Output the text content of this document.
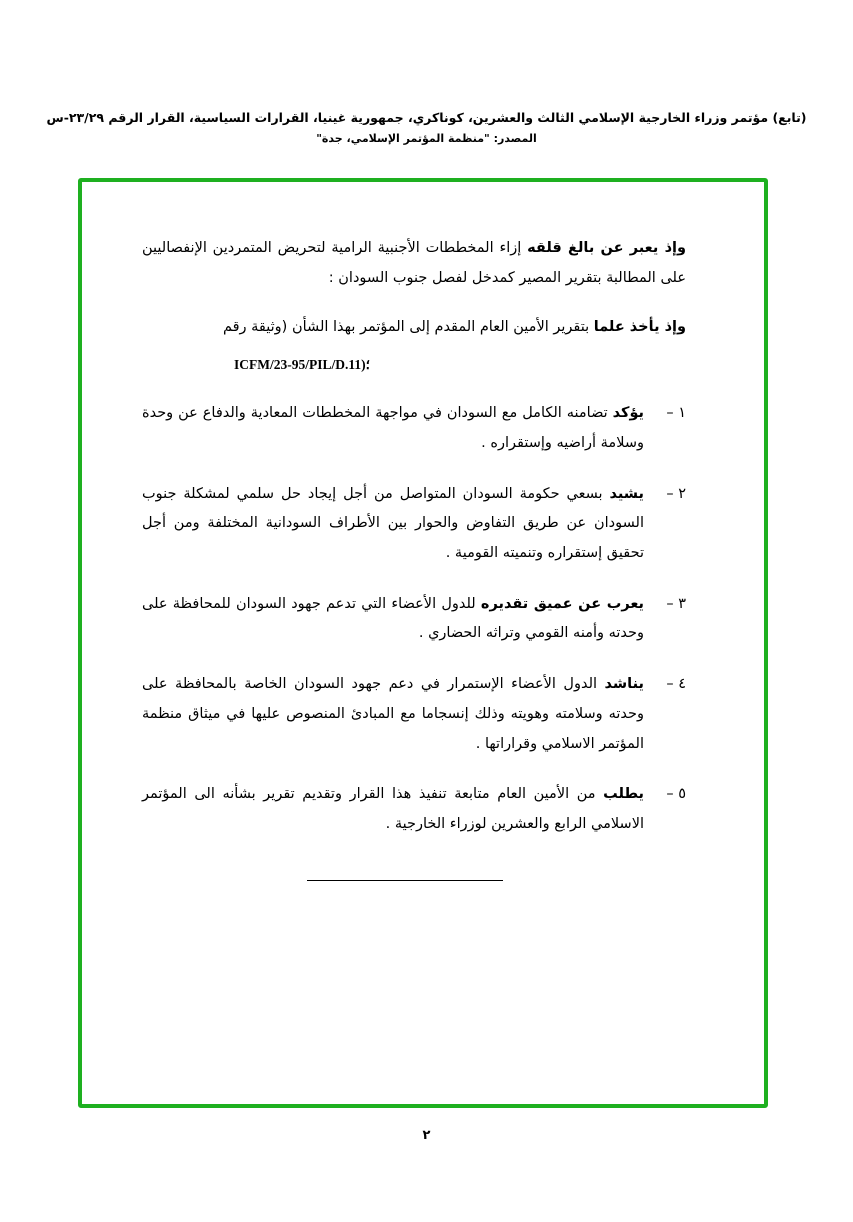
(تابع) مؤتمر وزراء الخارجية الإسلامي الثالث والعشرين، كوناكري، جمهورية غينيا، القرارات السياسية، القرار الرقم ٢٣/٢٩-س
المصدر: "منظمة المؤتمر الإسلامي، جدة"
وإذ يعبر عن بالغ قلقه إزاء المخططات الأجنبية الرامية لتحريض المتمردين الإنفصاليين على المطالبة بتقرير المصير كمدخل لفصل جنوب السودان :
وإذ يأخذ علما بتقرير الأمين العام المقدم إلى المؤتمر بهذا الشأن (وثيقة رقم
ICFM/23-95/PIL/D.11)؛
١ –
يؤكد تضامنه الكامل مع السودان في مواجهة المخططات المعادية والدفاع عن وحدة وسلامة أراضيه وإستقراره .
٢ –
يشيد بسعي حكومة السودان المتواصل من أجل إيجاد حل سلمي لمشكلة جنوب السودان عن طريق التفاوض والحوار بين الأطراف السودانية المختلفة ومن أجل تحقيق إستقراره وتنميته القومية .
٣ –
يعرب عن عميق تقديره للدول الأعضاء التي تدعم جهود السودان للمحافظة على وحدته وأمنه القومي وتراثه الحضاري .
٤ –
يناشد الدول الأعضاء الإستمرار في دعم جهود السودان الخاصة بالمحافظة على وحدته وسلامته وهويته وذلك إنسجاما مع المبادئ المنصوص عليها في ميثاق منظمة المؤتمر الاسلامي وقراراتها .
٥ –
يطلب من الأمين العام متابعة تنفيذ هذا القرار وتقديم تقرير بشأنه الى المؤتمر الاسلامي الرابع والعشرين لوزراء الخارجية .
٢
